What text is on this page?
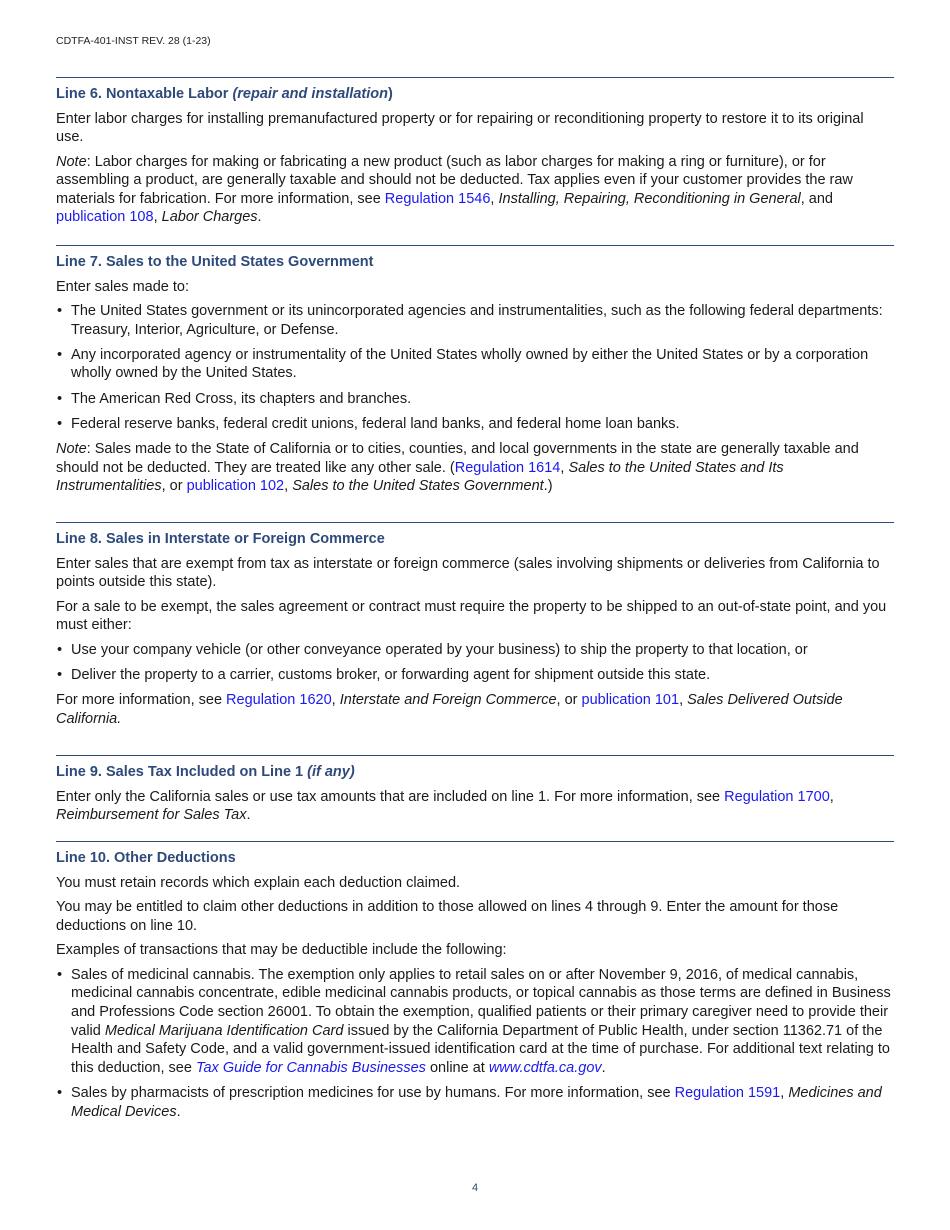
CDTFA-401-INST REV. 28 (1-23)
Line 6. Nontaxable Labor (repair and installation)

Enter labor charges for installing premanufactured property or for repairing or reconditioning property to restore it to its original use.

Note: Labor charges for making or fabricating a new product (such as labor charges for making a ring or furniture), or for assembling a product, are generally taxable and should not be deducted. Tax applies even if your customer provides the raw materials for fabrication. For more information, see Regulation 1546, Installing, Repairing, Reconditioning in General, and publication 108, Labor Charges.

Line 7. Sales to the United States Government

Enter sales made to:

• The United States government or its unincorporated agencies and instrumentalities, such as the following federal departments: Treasury, Interior, Agriculture, or Defense.
• Any incorporated agency or instrumentality of the United States wholly owned by either the United States or by a corporation wholly owned by the United States.
• The American Red Cross, its chapters and branches.
• Federal reserve banks, federal credit unions, federal land banks, and federal home loan banks.

Note: Sales made to the State of California or to cities, counties, and local governments in the state are generally taxable and should not be deducted. They are treated like any other sale. (Regulation 1614, Sales to the United States and Its Instrumentalities, or publication 102, Sales to the United States Government.)

Line 8. Sales in Interstate or Foreign Commerce

Enter sales that are exempt from tax as interstate or foreign commerce (sales involving shipments or deliveries from California to points outside this state).

For a sale to be exempt, the sales agreement or contract must require the property to be shipped to an out-of-state point, and you must either:

• Use your company vehicle (or other conveyance operated by your business) to ship the property to that location, or
• Deliver the property to a carrier, customs broker, or forwarding agent for shipment outside this state.

For more information, see Regulation 1620, Interstate and Foreign Commerce, or publication 101, Sales Delivered Outside California.

Line 9. Sales Tax Included on Line 1 (if any)

Enter only the California sales or use tax amounts that are included on line 1. For more information, see Regulation 1700, Reimbursement for Sales Tax.

Line 10. Other Deductions

You must retain records which explain each deduction claimed.

You may be entitled to claim other deductions in addition to those allowed on lines 4 through 9. Enter the amount for those deductions on line 10.

Examples of transactions that may be deductible include the following:

• Sales of medicinal cannabis. The exemption only applies to retail sales on or after November 9, 2016, of medical cannabis, medicinal cannabis concentrate, edible medicinal cannabis products, or topical cannabis as those terms are defined in Business and Professions Code section 26001. To obtain the exemption, qualified patients or their primary caregiver need to provide their valid Medical Marijuana Identification Card issued by the California Department of Public Health, under section 11362.71 of the Health and Safety Code, and a valid government-issued identification card at the time of purchase. For additional text relating to this deduction, see Tax Guide for Cannabis Businesses online at www.cdtfa.ca.gov.
• Sales by pharmacists of prescription medicines for use by humans. For more information, see Regulation 1591, Medicines and Medical Devices.
4
